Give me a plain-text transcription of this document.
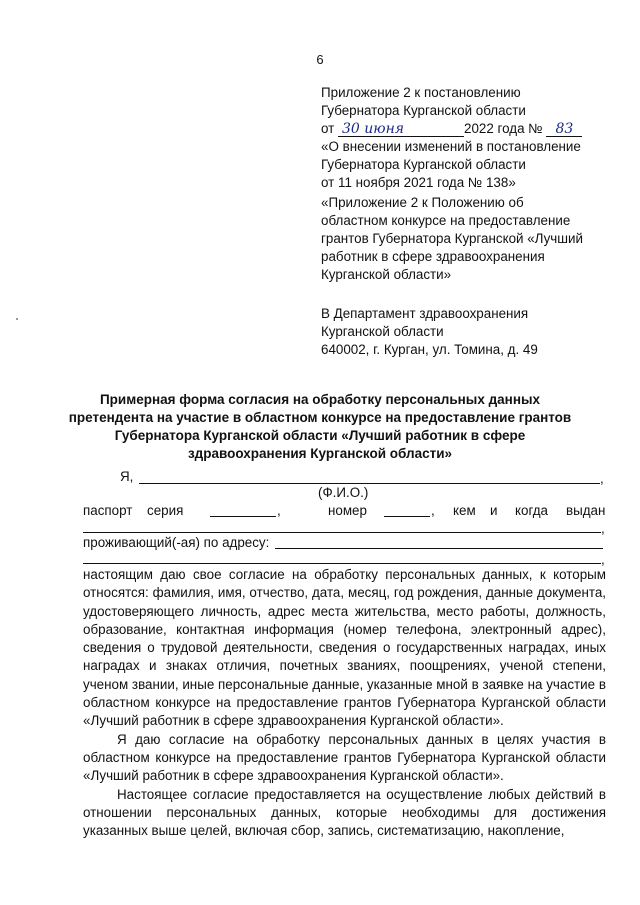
6
Приложение 2 к постановлению
Губернатора Курганской области
от 30 июня	2022 года № 83
«О внесении изменений в постановление
Губернатора Курганской области
от 11 ноября 2021 года № 138»
«Приложение 2 к Положению об
областном конкурсе на предоставление
грантов Губернатора Курганской «Лучший
работник в сфере здравоохранения
Курганской области»
В Департамент здравоохранения
Курганской области
640002, г. Курган, ул. Томина, д. 49
Примерная форма согласия на обработку персональных данных
претендента на участие в областном конкурсе на предоставление грантов
Губернатора Курганской области «Лучший работник в сфере
здравоохранения Курганской области»
Я,	,
(Ф.И.О.)
паспорт серия	,	номер	, кем и когда выдан
,
проживающий(-ая) по адресу:
,

настоящим даю свое согласие на обработку персональных данных, к которым относятся: фамилия, имя, отчество, дата, месяц, год рождения, данные документа, удостоверяющего личность, адрес места жительства, место работы, должность, образование, контактная информация (номер телефона, электронный адрес), сведения о трудовой деятельности, сведения о государственных наградах, иных наградах и знаках отличия, почетных званиях, поощрениях, ученой степени, ученом звании, иные персональные данные, указанные мной в заявке на участие в областном конкурсе на предоставление грантов Губернатора Курганской области «Лучший работник в сфере здравоохранения Курганской области».

Я даю согласие на обработку персональных данных в целях участия в областном конкурсе на предоставление грантов Губернатора Курганской области «Лучший работник в сфере здравоохранения Курганской области».

Настоящее согласие предоставляется на осуществление любых действий в отношении персональных данных, которые необходимы для достижения указанных выше целей, включая сбор, запись, систематизацию, накопление,
